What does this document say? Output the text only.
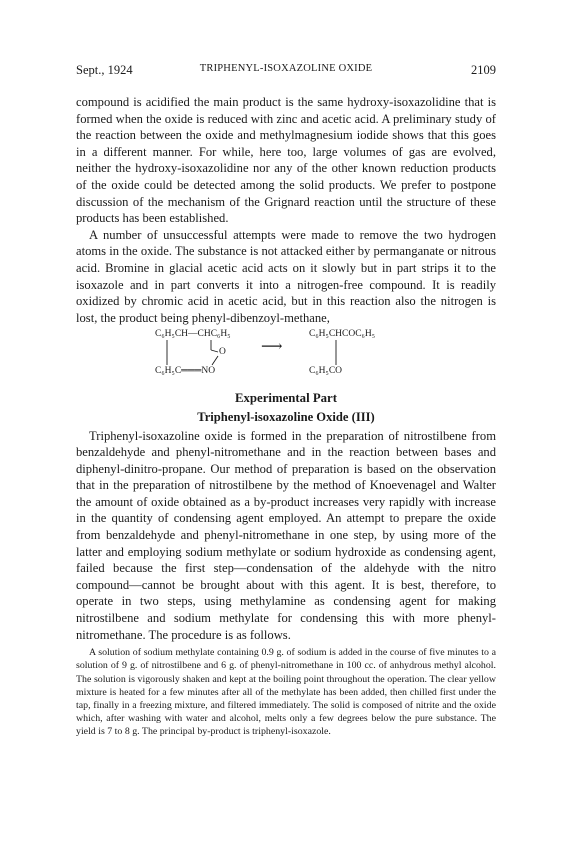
Sept., 1924	TRIPHENYL-ISOXAZOLINE OXIDE	2109

compound is acidified the main product is the same hydroxy-isoxazolidine that is formed when the oxide is reduced with zinc and acetic acid. A preliminary study of the reaction between the oxide and methylmagnesium iodide shows that this goes in a different manner. For while, here too, large volumes of gas are evolved, neither the hydroxy-isoxazolidine nor any of the other known reduction products of the oxide could be detected among the solid products. We prefer to postpone discussion of the mechanism of the Grignard reaction until the structure of these products has been established.

A number of unsuccessful attempts were made to remove the two hydrogen atoms in the oxide. The substance is not attacked either by permanganate or nitrous acid. Bromine in glacial acetic acid acts on it slowly but in part strips it to the isoxazole and in part converts it into a nitrogen-free compound. It is readily oxidized by chromic acid in acetic acid, but in this reaction also the nitrogen is lost, the product being phenyl-dibenzoyl-methane,

C₆H₅CH—CHC₆H₅
O
C₆H₅C═══NO
⟶
C₆H₅CHCOC₆H₅
C₆H₅CO
Experimental Part
Triphenyl-isoxazoline Oxide (III)

Triphenyl-isoxazoline oxide is formed in the preparation of nitrostilbene from benzaldehyde and phenyl-nitromethane and in the reaction between bases and diphenyl-dinitro-propane. Our method of preparation is based on the observation that in the preparation of nitrostilbene by the method of Knoevenagel and Walter the amount of oxide obtained as a by-product increases very rapidly with increase in the quantity of condensing agent employed. An attempt to prepare the oxide from benzaldehyde and phenyl-nitromethane in one step, by using more of the latter and employing sodium methylate or sodium hydroxide as condensing agent, failed because the first step—condensation of the aldehyde with the nitro compound—cannot be brought about with this agent. It is best, therefore, to operate in two steps, using methylamine as condensing agent for making nitrostilbene and sodium methylate for condensing this with more phenyl-nitromethane. The procedure is as follows.

A solution of sodium methylate containing 0.9 g. of sodium is added in the course of five minutes to a solution of 9 g. of nitrostilbene and 6 g. of phenyl-nitromethane in 100 cc. of anhydrous methyl alcohol. The solution is vigorously shaken and kept at the boiling point throughout the operation. The clear yellow mixture is heated for a few minutes after all of the methylate has been added, then chilled first under the tap, finally in a freezing mixture, and filtered immediately. The solid is composed of nitrite and the oxide which, after washing with water and alcohol, melts only a few degrees below the pure substance. The yield is 7 to 8 g. The principal by-product is triphenyl-isoxazole.
